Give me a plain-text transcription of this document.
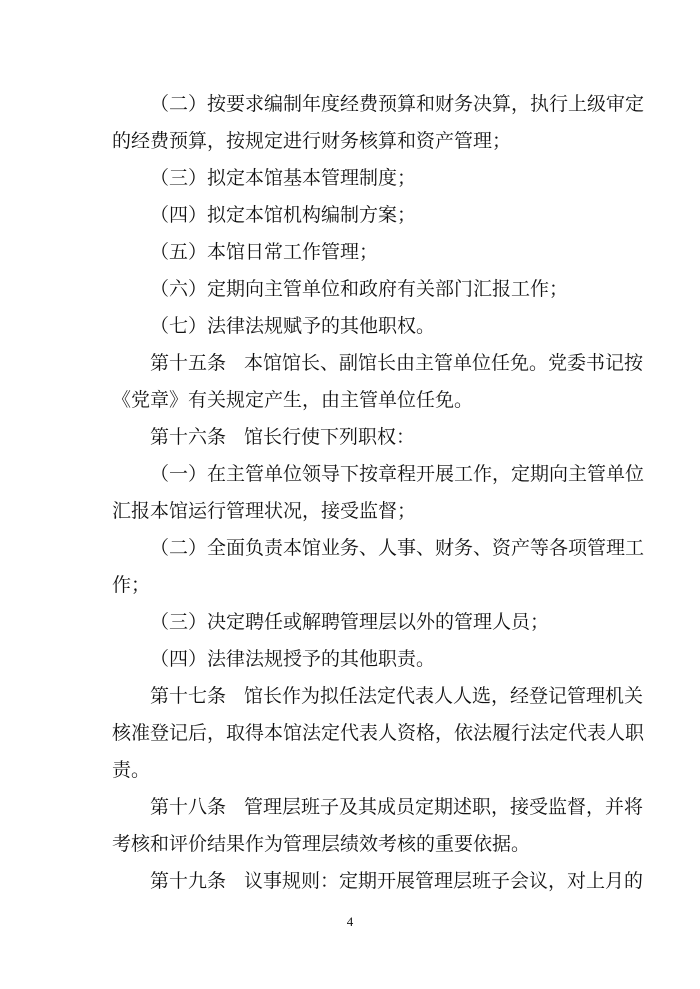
（二）按要求编制年度经费预算和财务决算，执行上级审定
的经费预算，按规定进行财务核算和资产管理；
（三）拟定本馆基本管理制度；
（四）拟定本馆机构编制方案；
（五）本馆日常工作管理；
（六）定期向主管单位和政府有关部门汇报工作；
（七）法律法规赋予的其他职权。
第十五条 本馆馆长、副馆长由主管单位任免。党委书记按
《党章》有关规定产生，由主管单位任免。
第十六条 馆长行使下列职权：
（一）在主管单位领导下按章程开展工作，定期向主管单位
汇报本馆运行管理状况，接受监督；
（二）全面负责本馆业务、人事、财务、资产等各项管理工
作；
（三）决定聘任或解聘管理层以外的管理人员；
（四）法律法规授予的其他职责。
第十七条 馆长作为拟任法定代表人人选，经登记管理机关
核准登记后，取得本馆法定代表人资格，依法履行法定代表人职
责。
第十八条 管理层班子及其成员定期述职，接受监督，并将
考核和评价结果作为管理层绩效考核的重要依据。
第十九条 议事规则：定期开展管理层班子会议，对上月的
4
